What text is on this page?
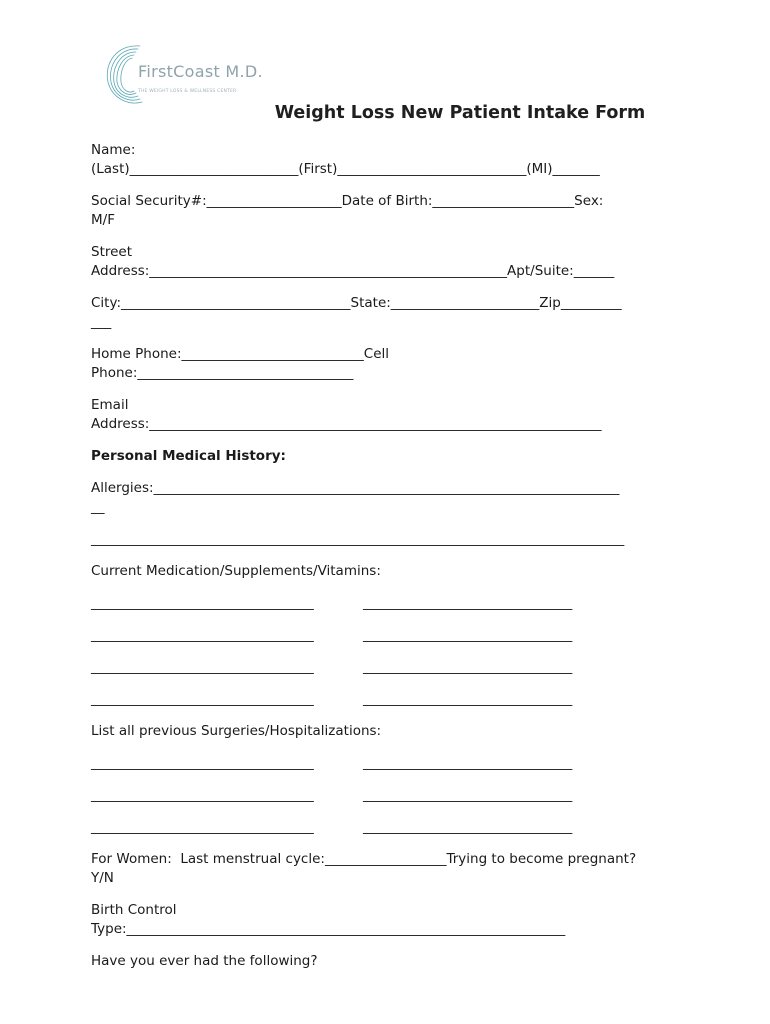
FirstCoast M.D.
THE WEIGHT LOSS & WELLNESS CENTER
Weight Loss New Patient Intake Form
Name:
(Last)_________________________(First)____________________________(MI)_______
Social Security#:____________________Date of Birth:_____________________Sex:
M/F
Street
Address:_____________________________________________________Apt/Suite:______
City:__________________________________State:______________________Zip_________
___
Home Phone:___________________________Cell
Phone:________________________________
Email
Address:___________________________________________________________________
Personal Medical History:
Allergies:_____________________________________________________________________
__
_______________________________________________________________________________
Current Medication/Supplements/Vitamins:
_________________________________	_______________________________
_________________________________	_______________________________
_________________________________	_______________________________
_________________________________	_______________________________
List all previous Surgeries/Hospitalizations:
_________________________________	_______________________________
_________________________________	_______________________________
_________________________________	_______________________________
For Women:  Last menstrual cycle:__________________Trying to become pregnant?
Y/N
Birth Control
Type:_________________________________________________________________
Have you ever had the following?
